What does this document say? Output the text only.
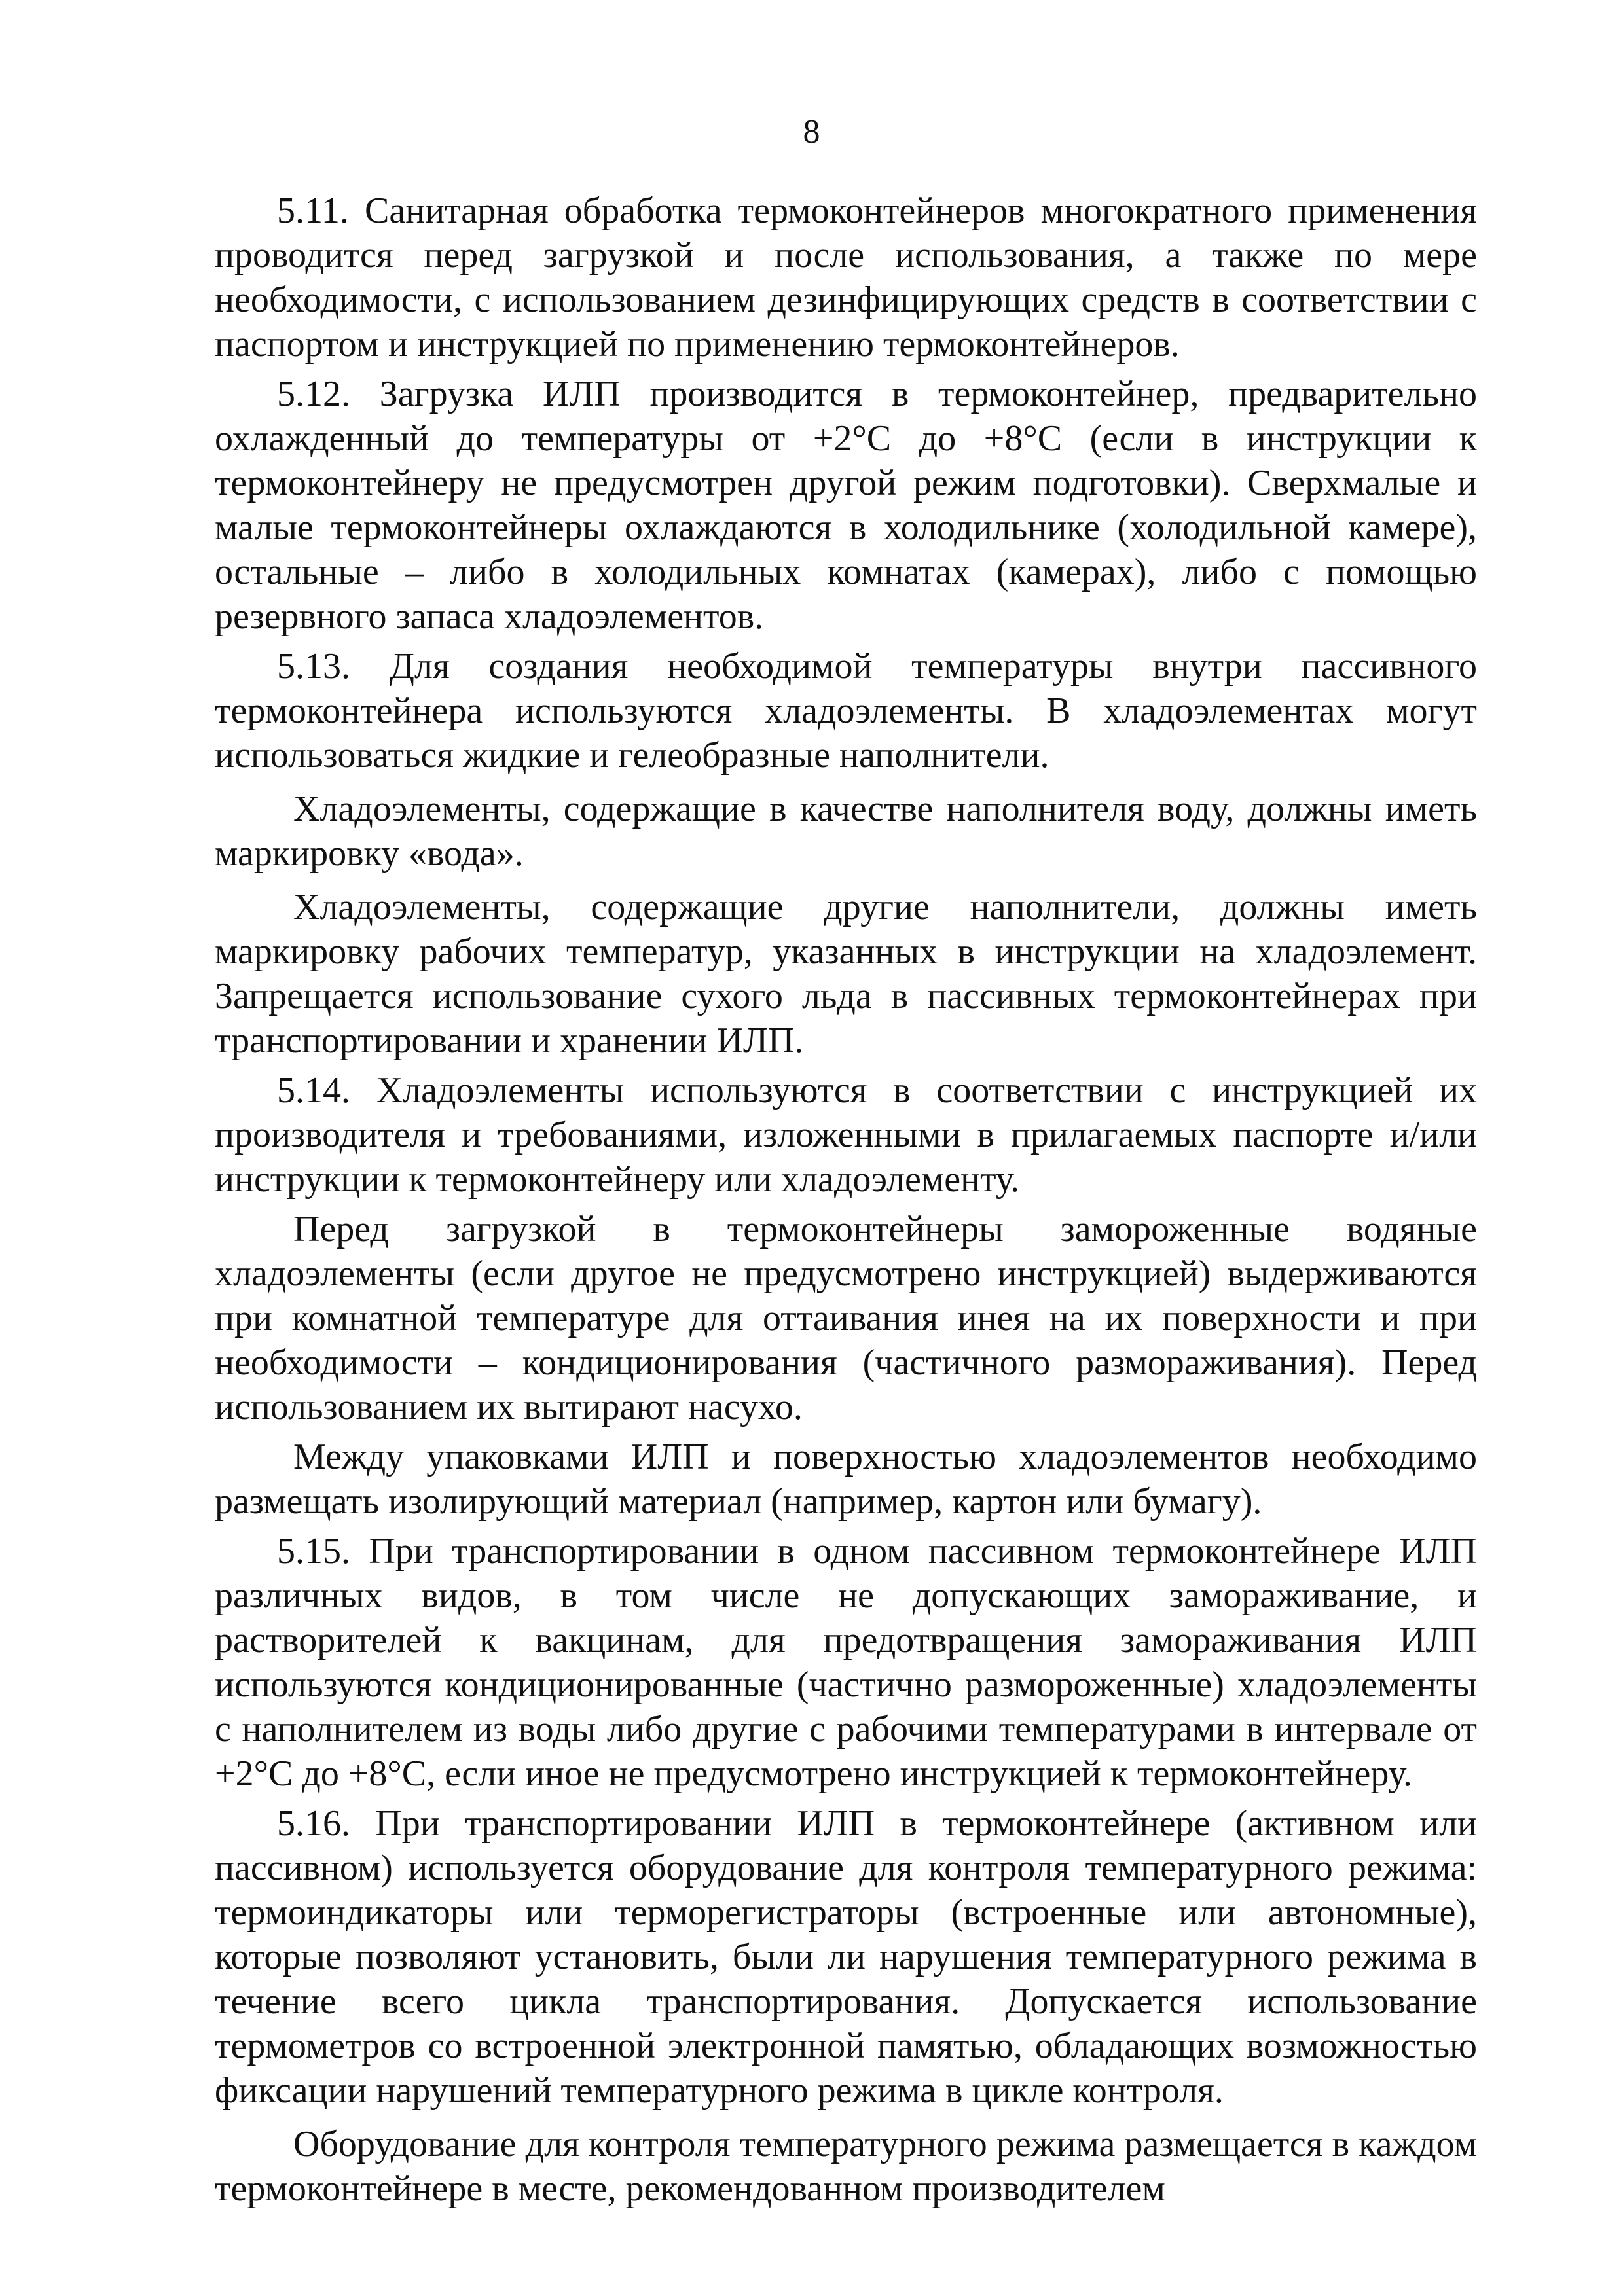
8

5.11. Санитарная обработка термоконтейнеров многократного применения проводится перед загрузкой и после использования, а также по мере необходимости, с использованием дезинфицирующих средств в соответствии с паспортом и инструкцией по применению термоконтейнеров.

5.12. Загрузка ИЛП производится в термоконтейнер, предварительно охлажденный до температуры от +2°С до +8°С (если в инструкции к термоконтейнеру не предусмотрен другой режим подготовки). Сверхмалые и малые термоконтейнеры охлаждаются в холодильнике (холодильной камере), остальные – либо в холодильных комнатах (камерах), либо с помощью резервного запаса хладоэлементов.

5.13. Для создания необходимой температуры внутри пассивного термоконтейнера используются хладоэлементы. В хладоэлементах могут использоваться жидкие и гелеобразные наполнители.

Хладоэлементы, содержащие в качестве наполнителя воду, должны иметь маркировку «вода».

Хладоэлементы, содержащие другие наполнители, должны иметь маркировку рабочих температур, указанных в инструкции на хладоэлемент. Запрещается использование сухого льда в пассивных термоконтейнерах при транспортировании и хранении ИЛП.

5.14. Хладоэлементы используются в соответствии с инструкцией их производителя и требованиями, изложенными в прилагаемых паспорте и/или инструкции к термоконтейнеру или хладоэлементу.

Перед загрузкой в термоконтейнеры замороженные водяные хладоэлементы (если другое не предусмотрено инструкцией) выдерживаются при комнатной температуре для оттаивания инея на их поверхности и при необходимости – кондиционирования (частичного размораживания). Перед использованием их вытирают насухо.

Между упаковками ИЛП и поверхностью хладоэлементов необходимо размещать изолирующий материал (например, картон или бумагу).

5.15. При транспортировании в одном пассивном термоконтейнере ИЛП различных видов, в том числе не допускающих замораживание, и растворителей к вакцинам, для предотвращения замораживания ИЛП используются кондиционированные (частично размороженные) хладоэлементы с наполнителем из воды либо другие с рабочими температурами в интервале от +2°С до +8°С, если иное не предусмотрено инструкцией к термоконтейнеру.

5.16. При транспортировании ИЛП в термоконтейнере (активном или пассивном) используется оборудование для контроля температурного режима: термоиндикаторы или терморегистраторы (встроенные или автономные), которые позволяют установить, были ли нарушения температурного режима в течение всего цикла транспортирования. Допускается использование термометров со встроенной электронной памятью, обладающих возможностью фиксации нарушений температурного режима в цикле контроля.

Оборудование для контроля температурного режима размещается в каждом термоконтейнере в месте, рекомендованном производителем
